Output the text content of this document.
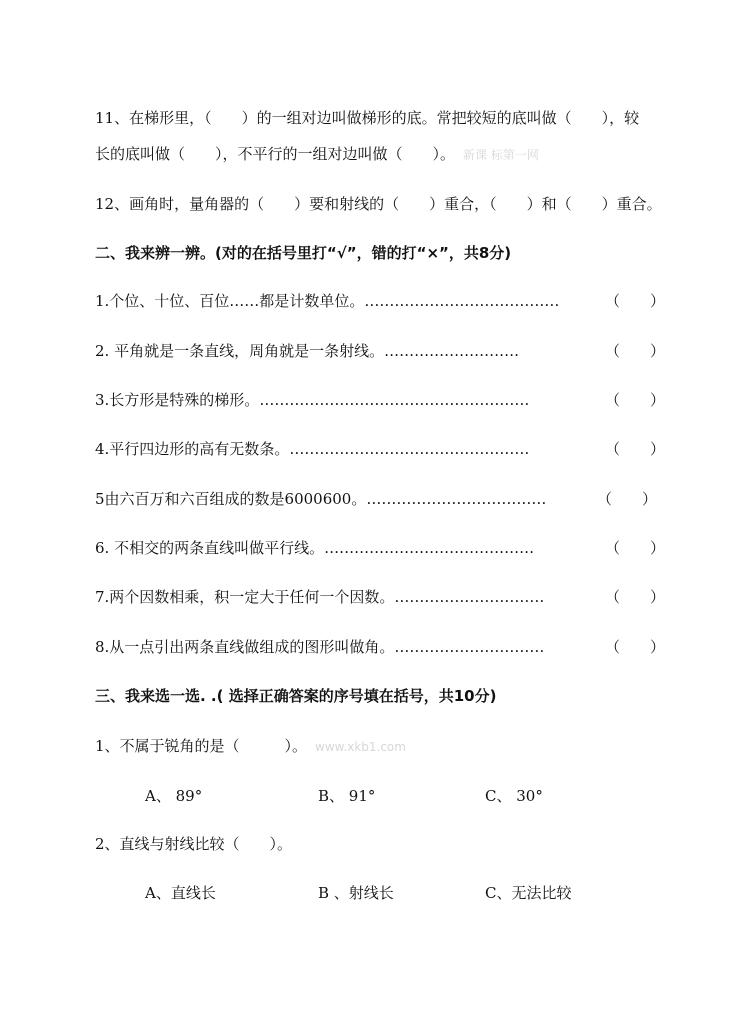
11、在梯形里，（　　）的一组对边叫做梯形的底。常把较短的底叫做（　　），较
长的底叫做（　　），不平行的一组对边叫做（　　）。 新课 标第一网
12、画角时，量角器的（　　）要和射线的（　　）重合，（　　）和（　　）重合。
二、我来辨一辨。(对的在括号里打“√”，错的打“×”，共8分)
1.个位、十位、百位……都是计数单位。…………………………………	（　　）
2. 平角就是一条直线，周角就是一条射线。………………………	（　　）
3.长方形是特殊的梯形。………………………………………………	（　　）
4.平行四边形的高有无数条。…………………………………………	（　　）
5由六百万和六百组成的数是6000600。………………………………	（　　）
6. 不相交的两条直线叫做平行线。……………………………………	（　　）
7.两个因数相乘，积一定大于任何一个因数。…………………………	（　　）
8.从一点引出两条直线做组成的图形叫做角。…………………………	（　　）
三、我来选一选. .( 选择正确答案的序号填在括号，共10分)
1、不属于锐角的是（　　　）。 www.xkb1.com
A、 89°	B、 91°	C、 30°
2、直线与射线比较（　　）。
A、直线长	B 、射线长	C、无法比较
